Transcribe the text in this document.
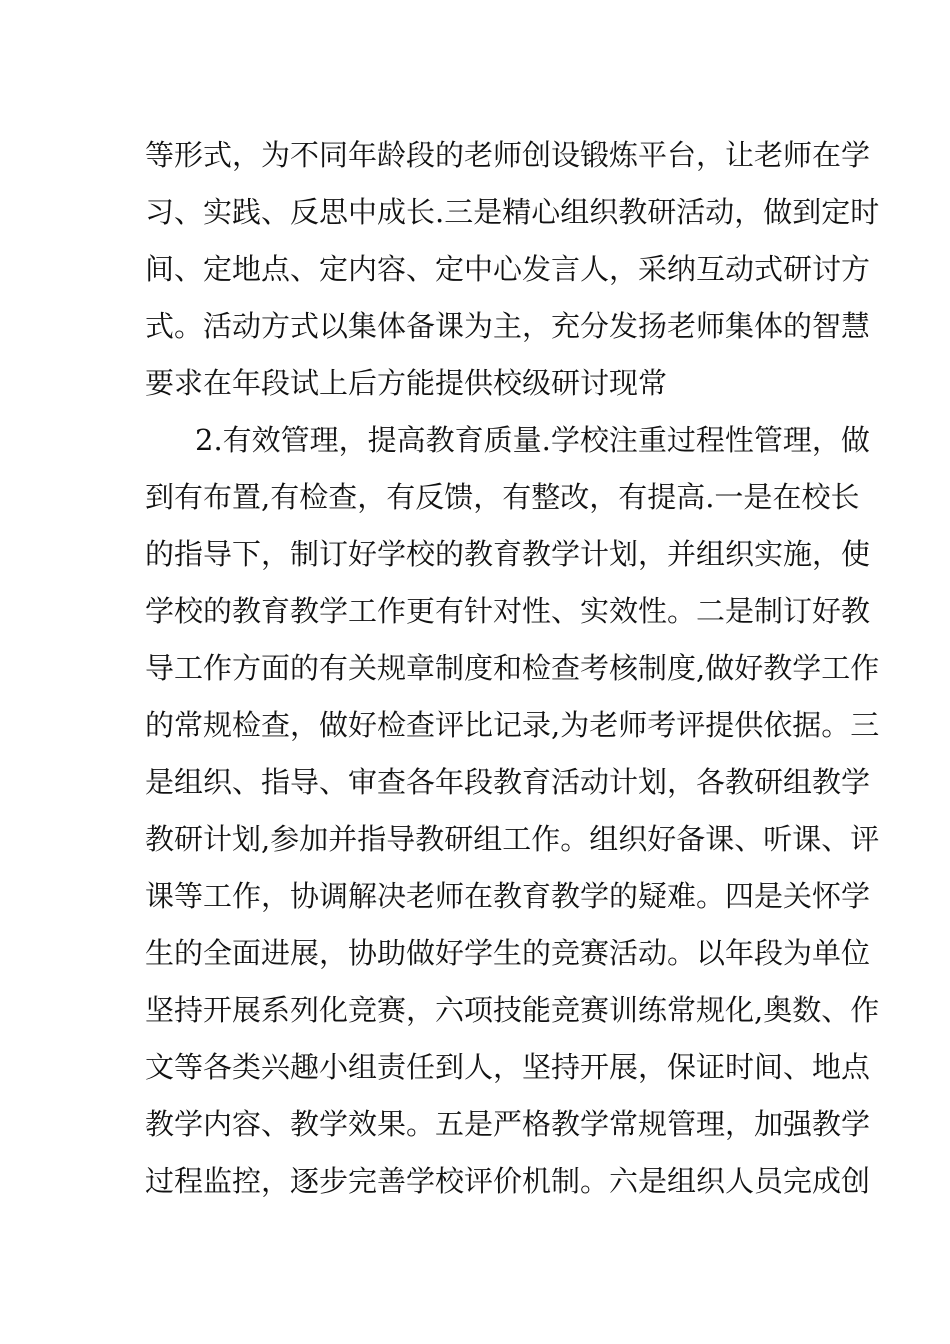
等形式，为不同年龄段的老师创设锻炼平台，让老师在学
习、实践、反思中成长.三是精心组织教研活动，做到定时
间、定地点、定内容、定中心发言人，采纳互动式研讨方
式。活动方式以集体备课为主，充分发扬老师集体的智慧
要求在年段试上后方能提供校级研讨现常
2.有效管理，提高教育质量.学校注重过程性管理，做
到有布置,有检查，有反馈，有整改，有提高.一是在校长
的指导下，制订好学校的教育教学计划，并组织实施，使
学校的教育教学工作更有针对性、实效性。二是制订好教
导工作方面的有关规章制度和检查考核制度,做好教学工作
的常规检查，做好检查评比记录,为老师考评提供依据。三
是组织、指导、审查各年段教育活动计划，各教研组教学
教研计划,参加并指导教研组工作。组织好备课、听课、评
课等工作，协调解决老师在教育教学的疑难。四是关怀学
生的全面进展，协助做好学生的竞赛活动。以年段为单位
坚持开展系列化竞赛，六项技能竞赛训练常规化,奥数、作
文等各类兴趣小组责任到人，坚持开展，保证时间、地点
教学内容、教学效果。五是严格教学常规管理，加强教学
过程监控，逐步完善学校评价机制。六是组织人员完成创
